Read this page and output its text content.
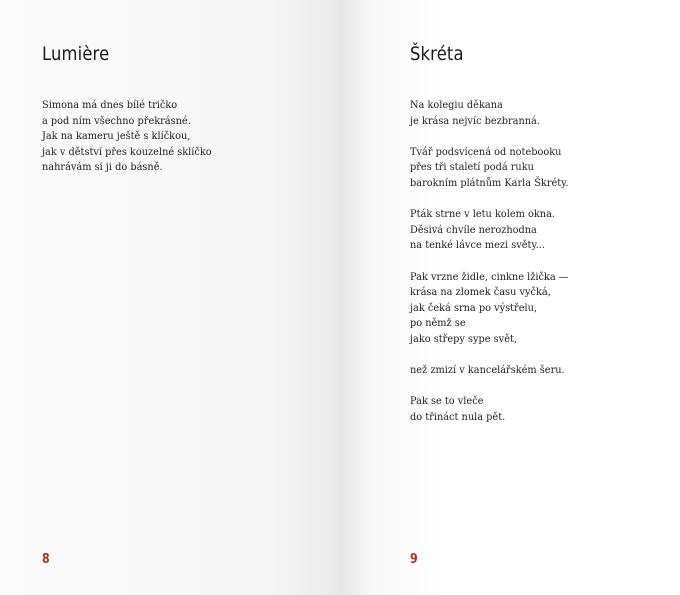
Lumière

Simona má dnes bílé tričko
a pod ním všechno překrásné.
Jak na kameru ještě s klíčkou,
jak v dětství přes kouzelné sklíčko
nahrávám si ji do básně.

8
Škréta

Na kolegiu děkana
je krása nejvíc bezbranná.

Tvář podsvícená od notebooku
přes tři staletí podá ruku
barokním plátnům Karla Škréty.

Pták strne v letu kolem okna.
Děsivá chvíle nerozhodna
na tenké lávce mezi světy...

Pak vrzne židle, cinkne lžička —
krása na zlomek času vyčká,
jak čeká srna po výstřelu,
po němž se
jako střepy sype svět,

než zmizí v kancelářském šeru.

Pak se to vleče
do třináct nula pět.

9
